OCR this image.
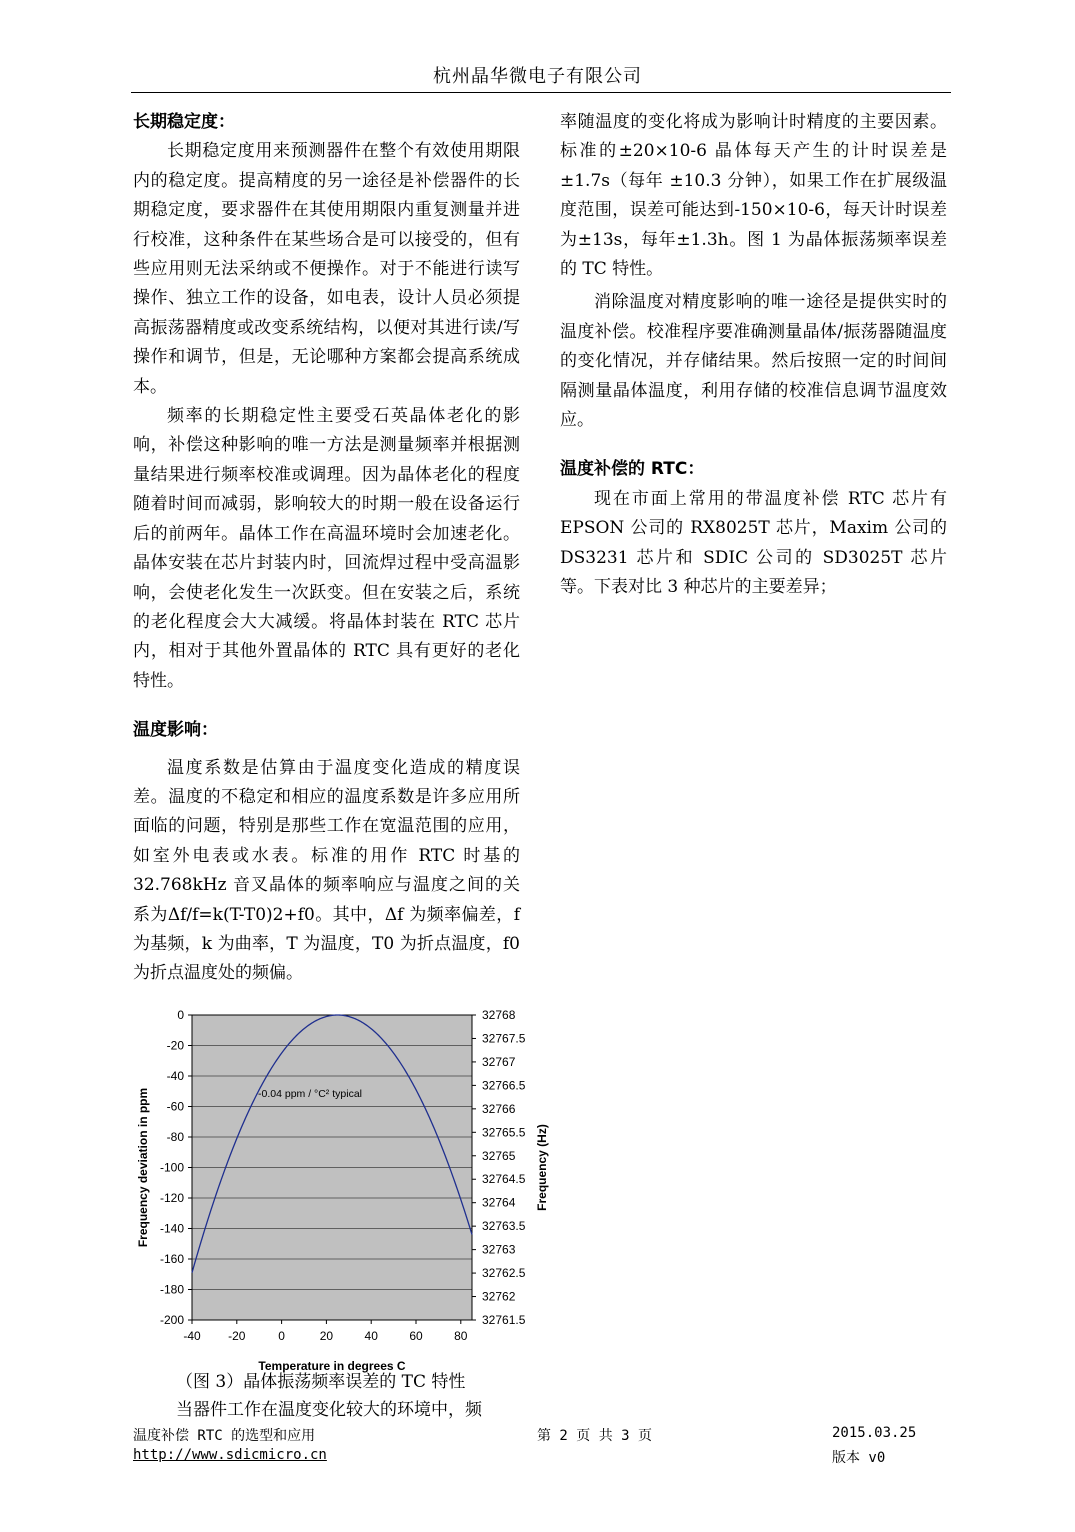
杭州晶华微电子有限公司
长期稳定度：

长期稳定度用来预测器件在整个有效使用期限内的稳定度。提高精度的另一途径是补偿器件的长期稳定度，要求器件在其使用期限内重复测量并进行校准，这种条件在某些场合是可以接受的，但有些应用则无法采纳或不便操作。对于不能进行读写操作、独立工作的设备，如电表，设计人员必须提高振荡器精度或改变系统结构，以便对其进行读/写操作和调节，但是，无论哪种方案都会提高系统成本。

频率的长期稳定性主要受石英晶体老化的影响，补偿这种影响的唯一方法是测量频率并根据测量结果进行频率校准或调理。因为晶体老化的程度随着时间而减弱，影响较大的时期一般在设备运行后的前两年。晶体工作在高温环境时会加速老化。晶体安装在芯片封装内时，回流焊过程中受高温影响，会使老化发生一次跃变。但在安装之后，系统的老化程度会大大减缓。将晶体封装在 RTC 芯片内，相对于其他外置晶体的 RTC 具有更好的老化特性。

温度影响：

温度系数是估算由于温度变化造成的精度误差。温度的不稳定和相应的温度系数是许多应用所面临的问题，特别是那些工作在宽温范围的应用，如室外电表或水表。标准的用作 RTC 时基的 32.768kHz 音叉晶体的频率响应与温度之间的关系为Δf/f=k(T-T0)2+f0。其中，Δf 为频率偏差，f 为基频，k 为曲率，T 为温度，T0 为折点温度，f0 为折点温度处的频偏。

率随温度的变化将成为影响计时精度的主要因素。标准的±20×10-6 晶体每天产生的计时误差是±1.7s（每年 ±10.3 分钟），如果工作在扩展级温度范围，误差可能达到-150×10-6，每天计时误差为±13s，每年±1.3h。图 1 为晶体振荡频率误差的 TC 特性。

消除温度对精度影响的唯一途径是提供实时的温度补偿。校准程序要准确测量晶体/振荡器随温度的变化情况，并存储结果。然后按照一定的时间间隔测量晶体温度，利用存储的校准信息调节温度效应。

温度补偿的 RTC：

现在市面上常用的带温度补偿 RTC 芯片有 EPSON 公司的 RX8025T 芯片，Maxim 公司的 DS3231 芯片和 SDIC 公司的 SD3025T 芯片等。下表对比 3 种芯片的主要差异；

0
-20
-40
-60
-80
-100
-120
-140
-160
-180
-200
32768
32767.5
32767
32766.5
32766
32765.5
32765
32764.5
32764
32763.5
32763
32762.5
32762
32761.5
-40 -20	0	20	40	60	80
-0.04 ppm / °C² typical
Temperature in degrees C
Frequency deviation in ppm	Frequency (Hz)
（图 3）晶体振荡频率误差的 TC 特性
当器件工作在温度变化较大的环境中，频
温度补偿 RTC 的选型和应用
http://www.sdicmicro.cn
第 2 页 共 3 页	2015.03.25
版本 v0
